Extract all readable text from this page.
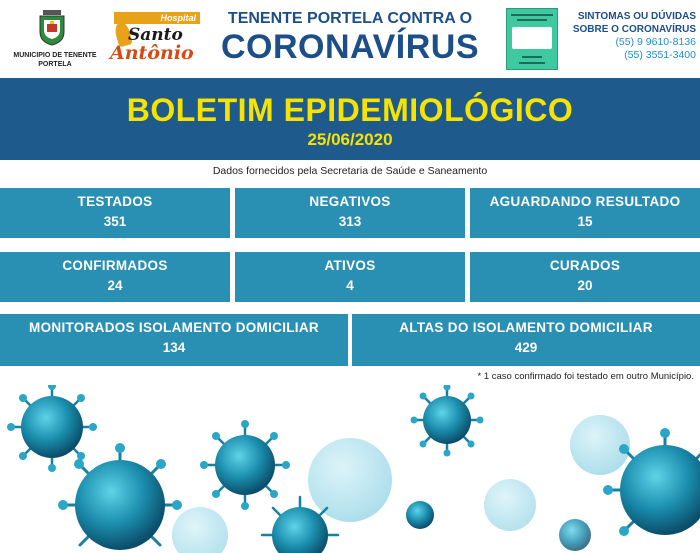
MUNICIPIO DE TENENTE PORTELA
Hospital
Santo
Antônio
TENENTE PORTELA CONTRA O
CORONAVÍRUS
SINTOMAS OU DÚVIDAS
SOBRE O CORONAVÍRUS
(55) 9 9610-8136
(55) 3551-3400
BOLETIM EPIDEMIOLÓGICO
25/06/2020
Dados fornecidos pela Secretaria de Saúde e Saneamento
TESTADOS
351
NEGATIVOS
313
AGUARDANDO RESULTADO
15
CONFIRMADOS
24
ATIVOS
4
CURADOS
20
MONITORADOS ISOLAMENTO DOMICILIAR
134
ALTAS DO ISOLAMENTO DOMICILIAR
429
* 1 caso confirmado foi testado em outro Município.
